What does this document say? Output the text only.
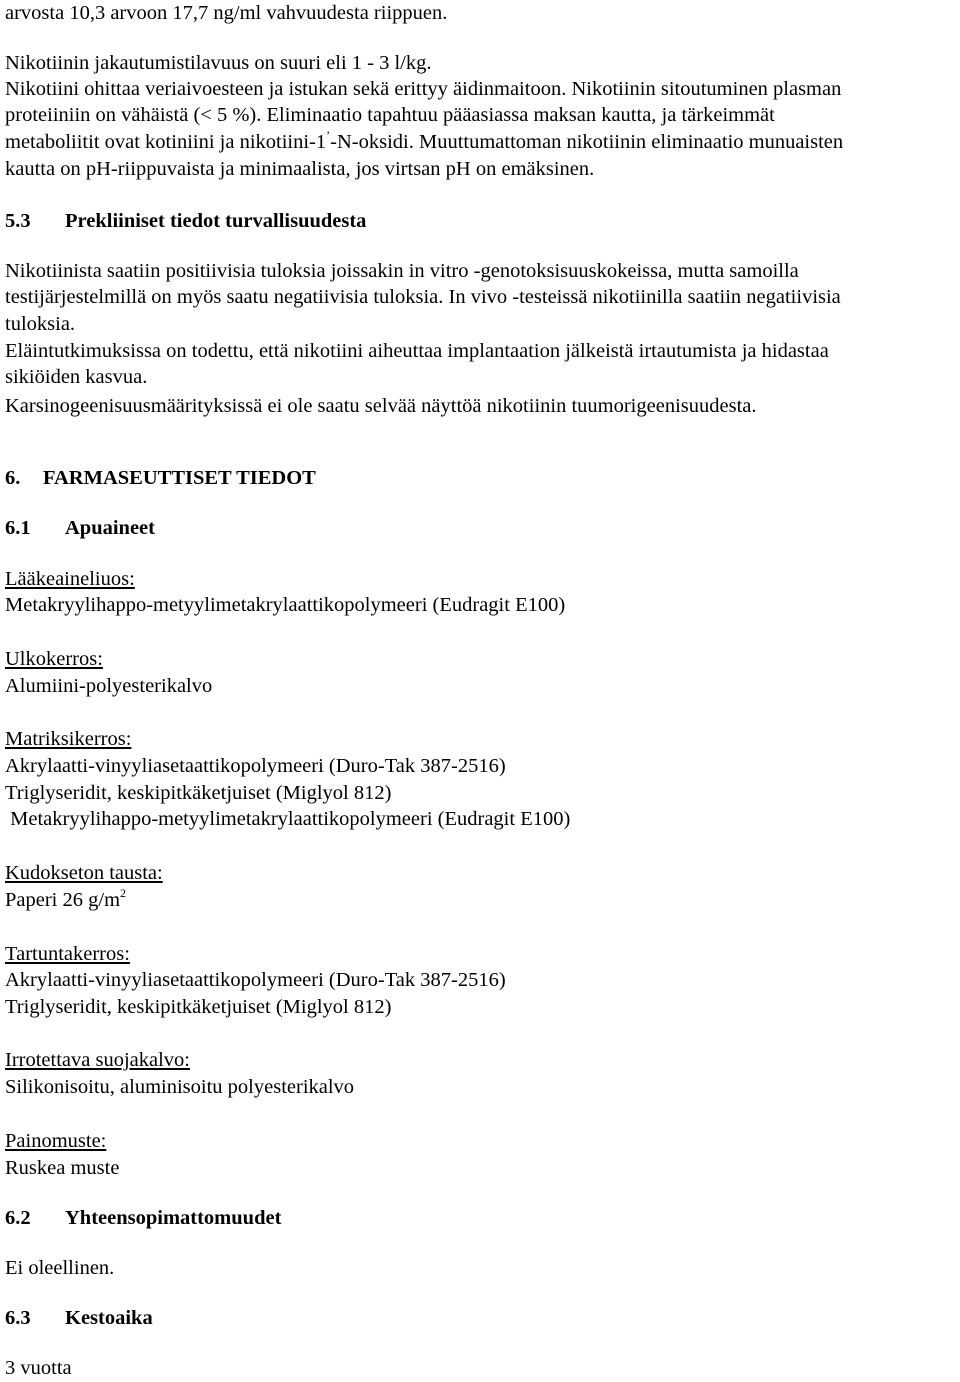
arvosta 10,3 arvoon 17,7 ng/ml vahvuudesta riippuen.
Nikotiinin jakautumistilavuus on suuri eli 1 - 3 l/kg.
Nikotiini ohittaa veriaivoesteen ja istukan sekä erittyy äidinmaitoon. Nikotiinin sitoutuminen plasman
proteiiniin on vähäistä (< 5 %). Eliminaatio tapahtuu pääasiassa maksan kautta, ja tärkeimmät
metaboliitit ovat kotiniini ja nikotiini-1’-N-oksidi. Muuttumattoman nikotiinin eliminaatio munuaisten
kautta on pH-riippuvaista ja minimaalista, jos virtsan pH on emäksinen.
5.3 Prekliiniset tiedot turvallisuudesta
Nikotiinista saatiin positiivisia tuloksia joissakin in vitro -genotoksisuuskokeissa, mutta samoilla
testijärjestelmillä on myös saatu negatiivisia tuloksia. In vivo -testeissä nikotiinilla saatiin negatiivisia
tuloksia.
Eläintutkimuksissa on todettu, että nikotiini aiheuttaa implantaation jälkeistä irtautumista ja hidastaa
sikiöiden kasvua.
Karsinogeenisuusmäärityksissä ei ole saatu selvää näyttöä nikotiinin tuumorigeenisuudesta.
6. FARMASEUTTISET TIEDOT
6.1 Apuaineet
Lääkeaineliuos:
Metakryylihappo-metyylimetakrylaattikopolymeeri (Eudragit E100)
Ulkokerros:
Alumiini-polyesterikalvo
Matriksikerros:
Akrylaatti-vinyyliasetaattikopolymeeri (Duro-Tak 387-2516)
Triglyseridit, keskipitkäketjuiset (Miglyol 812)
Metakryylihappo-metyylimetakrylaattikopolymeeri (Eudragit E100)
Kudokseton tausta:
Paperi 26 $g/m^2$
Tartuntakerros:
Akrylaatti-vinyyliasetaattikopolymeeri (Duro-Tak 387-2516)
Triglyseridit, keskipitkäketjuiset (Miglyol 812)
Irrotettava suojakalvo:
Silikonisoitu, aluminisoitu polyesterikalvo
Painomuste:
Ruskea muste
6.2 Yhteensopimattomuudet
Ei oleellinen.
6.3 Kestoaika
3 vuotta
